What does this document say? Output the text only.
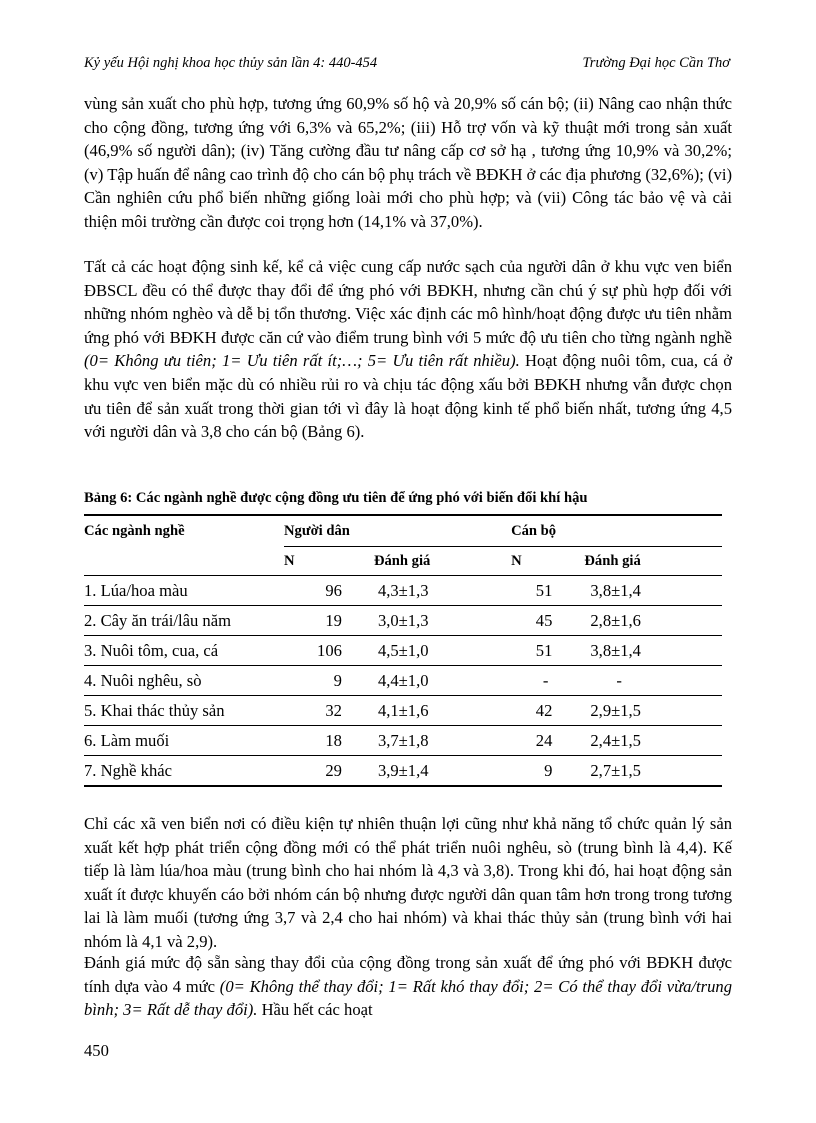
Kỷ yếu Hội nghị khoa học thủy sản lần 4: 440-454	Trường Đại học Cần Thơ

vùng sản xuất cho phù hợp, tương ứng 60,9% số hộ và 20,9% số cán bộ; (ii) Nâng cao nhận thức cho cộng đồng, tương ứng với 6,3% và 65,2%; (iii) Hỗ trợ vốn và kỹ thuật mới trong sản xuất (46,9% số người dân); (iv) Tăng cường đầu tư nâng cấp cơ sở hạ , tương ứng 10,9% và 30,2%; (v) Tập huấn để nâng cao trình độ cho cán bộ phụ trách về BĐKH ở các địa phương (32,6%); (vi) Cần nghiên cứu phổ biến những giống loài mới cho phù hợp; và (vii) Công tác bảo vệ và cải thiện môi trường cần được coi trọng hơn (14,1% và 37,0%).

Tất cả các hoạt động sinh kế, kể cả việc cung cấp nước sạch của người dân ở khu vực ven biển ĐBSCL đều có thể được thay đổi để ứng phó với BĐKH, nhưng cần chú ý sự phù hợp đối với những nhóm nghèo và dễ bị tổn thương. Việc xác định các mô hình/hoạt động được ưu tiên nhằm ứng phó với BĐKH được căn cứ vào điểm trung bình với 5 mức độ ưu tiên cho từng ngành nghề (0= Không ưu tiên; 1= Ưu tiên rất ít;…; 5= Ưu tiên rất nhiều). Hoạt động nuôi tôm, cua, cá ở khu vực ven biển mặc dù có nhiều rủi ro và chịu tác động xấu bởi BĐKH nhưng vẫn được chọn ưu tiên để sản xuất trong thời gian tới vì đây là hoạt động kinh tế phổ biến nhất, tương ứng 4,5 với người dân và 3,8 cho cán bộ (Bảng 6).

Bảng 6: Các ngành nghề được cộng đồng ưu tiên để ứng phó với biến đổi khí hậu
Các ngành nghề	Người dân		Cán bộ	
	N	Đánh giá	N	Đánh giá
1. Lúa/hoa màu	96	4,3±1,3	51	3,8±1,4
2. Cây ăn trái/lâu năm	19	3,0±1,3	45	2,8±1,6
3. Nuôi tôm, cua, cá	106	4,5±1,0	51	3,8±1,4
4. Nuôi nghêu, sò	9	4,4±1,0	-	-
5. Khai thác thủy sản	32	4,1±1,6	42	2,9±1,5
6. Làm muối	18	3,7±1,8	24	2,4±1,5
7. Nghề khác	29	3,9±1,4	9	2,7±1,5

Chỉ các xã ven biển nơi có điều kiện tự nhiên thuận lợi cũng như khả năng tổ chức quản lý sản xuất kết hợp phát triển cộng đồng mới có thể phát triển nuôi nghêu, sò (trung bình là 4,4). Kế tiếp là làm lúa/hoa màu (trung bình cho hai nhóm là 4,3 và 3,8). Trong khi đó, hai hoạt động sản xuất ít được khuyến cáo bởi nhóm cán bộ nhưng được người dân quan tâm hơn trong trong tương lai là làm muối (tương ứng 3,7 và 2,4 cho hai nhóm) và khai thác thủy sản (trung bình với hai nhóm là 4,1 và 2,9).

Đánh giá mức độ sẵn sàng thay đổi của cộng đồng trong sản xuất để ứng phó với BĐKH được tính dựa vào 4 mức (0= Không thể thay đổi; 1= Rất khó thay đổi; 2= Có thể thay đổi vừa/trung bình; 3= Rất dễ thay đổi). Hầu hết các hoạt

450
